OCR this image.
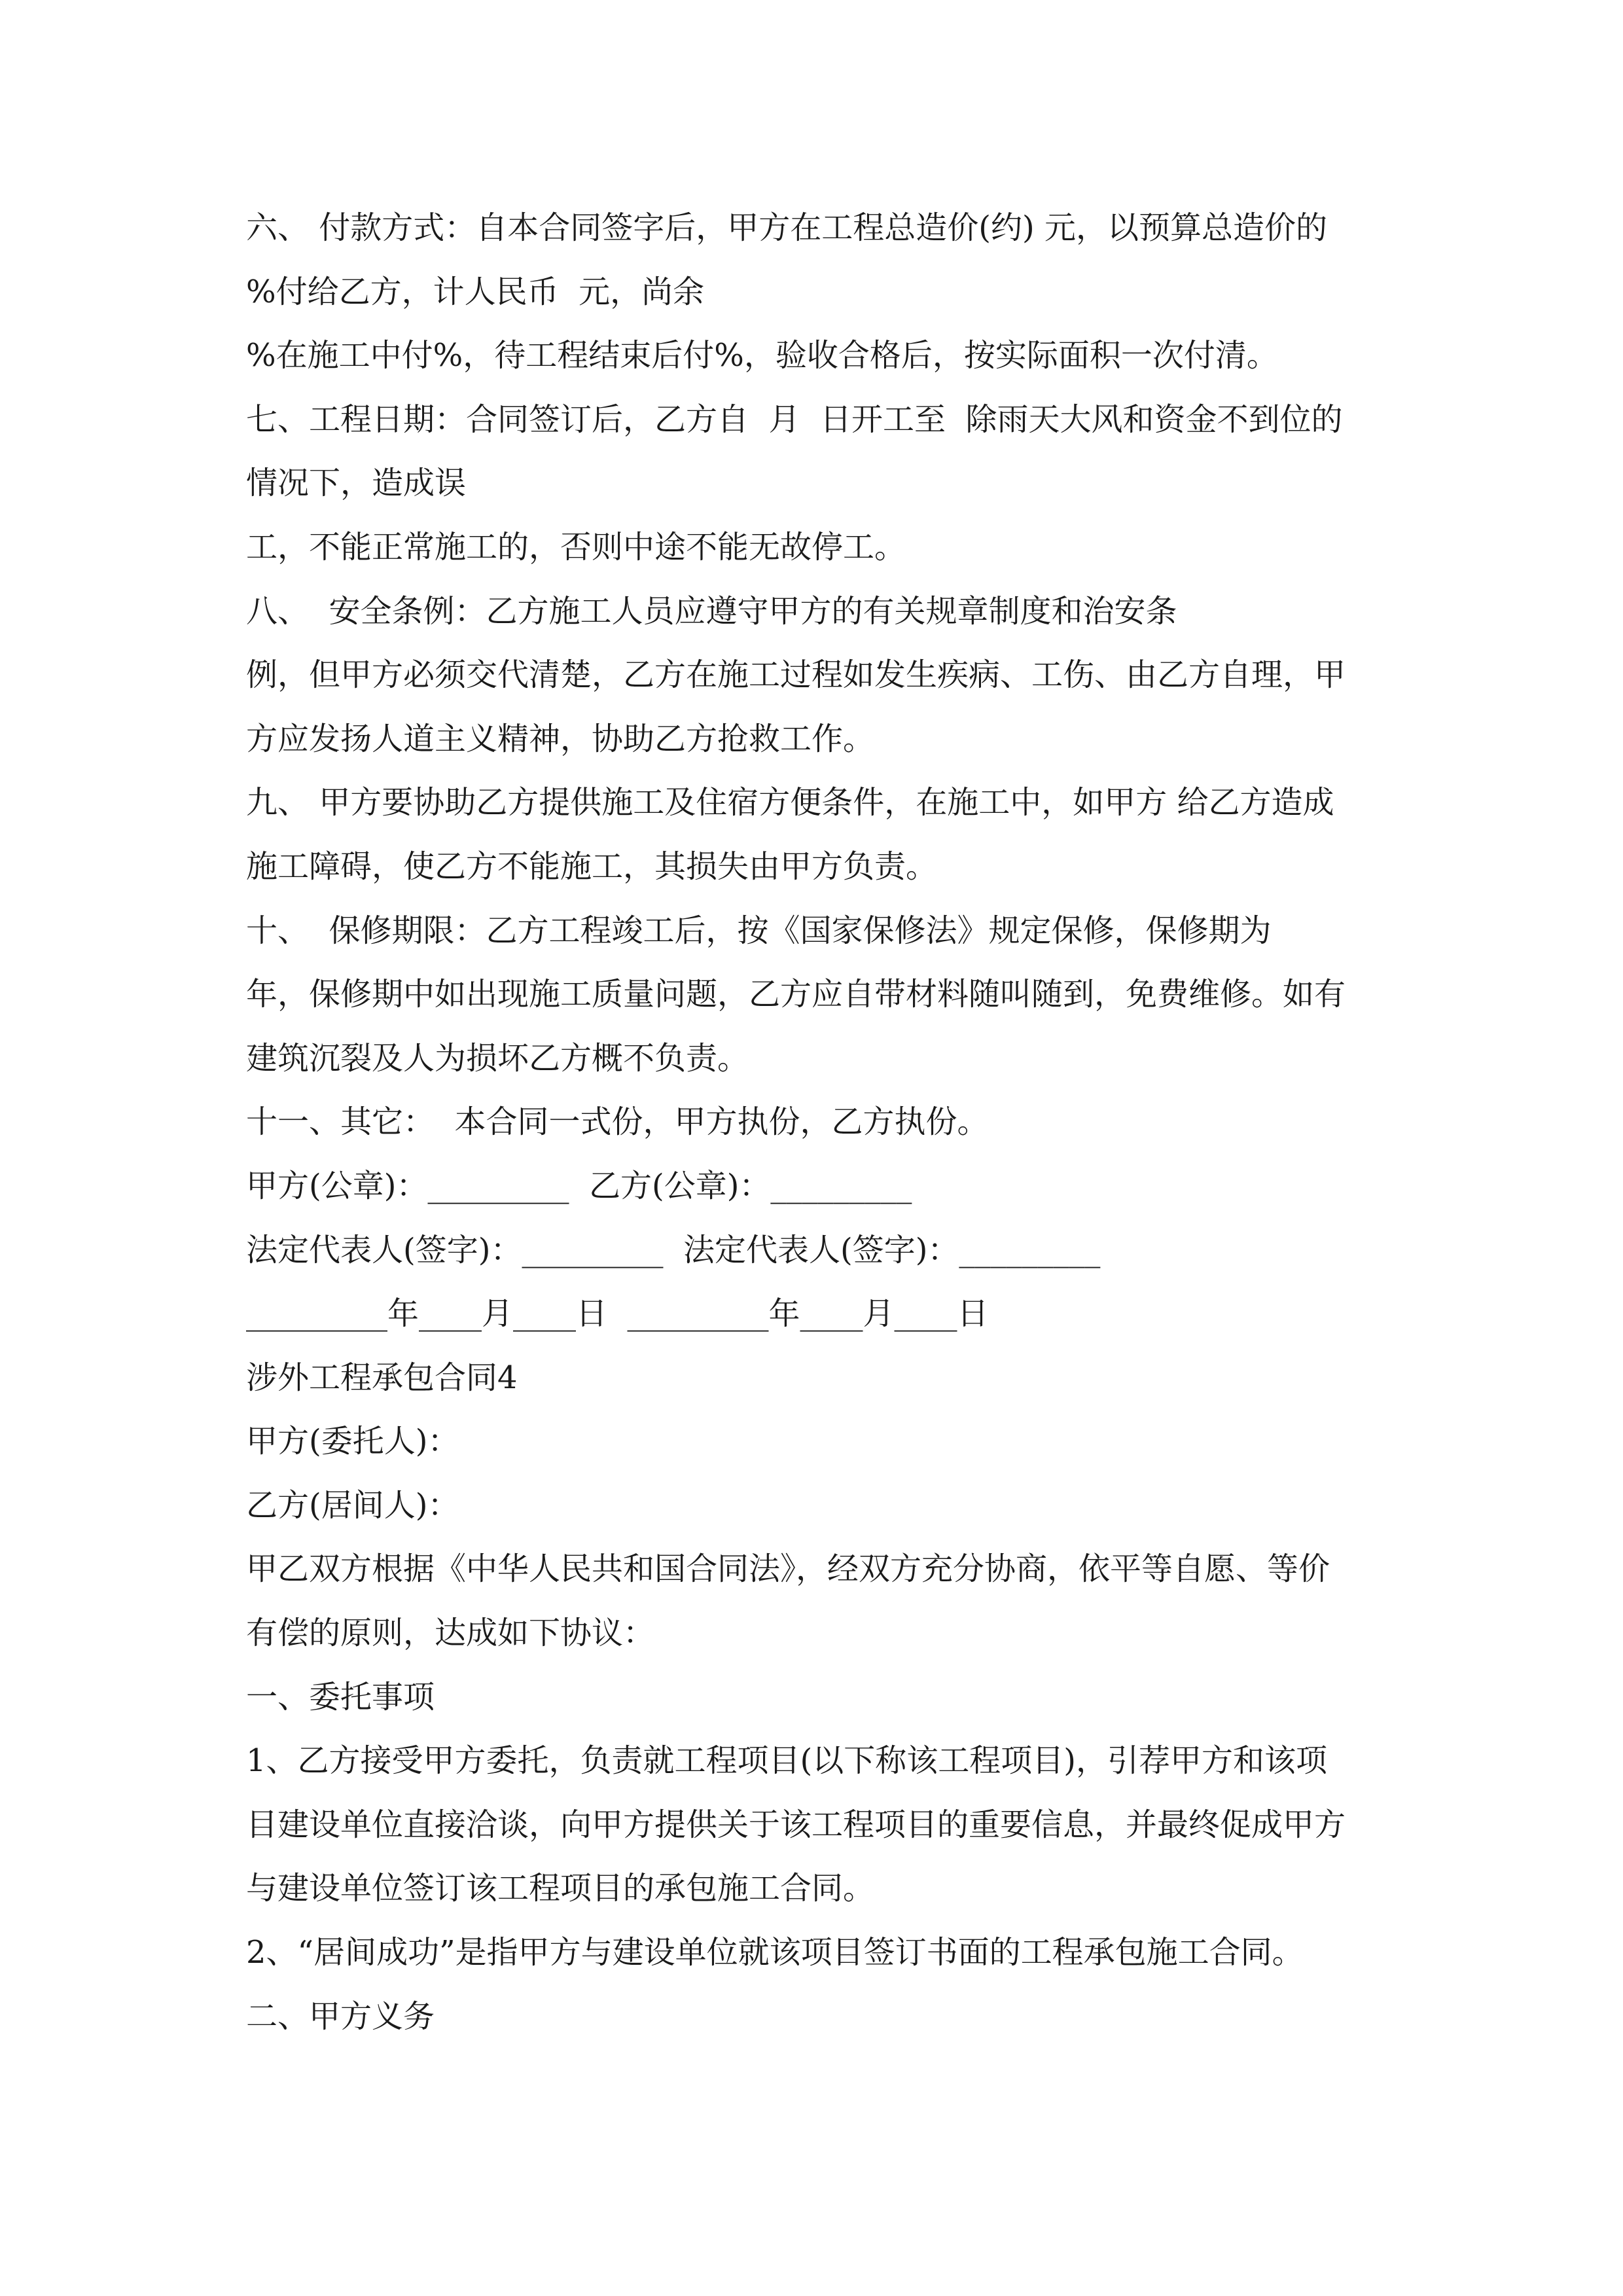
六、 付款方式：自本合同签字后，甲方在工程总造价(约) 元，以预算总造价的
%付给乙方，计人民币  元，尚余
%在施工中付%，待工程结束后付%，验收合格后，按实际面积一次付清。
七、工程日期：合同签订后，乙方自  月  日开工至  除雨天大风和资金不到位的
情况下，造成误
工，不能正常施工的，否则中途不能无故停工。
八、  安全条例：乙方施工人员应遵守甲方的有关规章制度和治安条
例，但甲方必须交代清楚，乙方在施工过程如发生疾病、工伤、由乙方自理，甲
方应发扬人道主义精神，协助乙方抢救工作。
九、 甲方要协助乙方提供施工及住宿方便条件，在施工中，如甲方 给乙方造成
施工障碍，使乙方不能施工，其损失由甲方负责。
十、  保修期限：乙方工程竣工后，按《国家保修法》规定保修，保修期为
年，保修期中如出现施工质量问题，乙方应自带材料随叫随到，免费维修。如有
建筑沉裂及人为损坏乙方概不负责。
十一、其它：  本合同一式份，甲方执份，乙方执份。
甲方(公章)：_________  乙方(公章)：_________
法定代表人(签字)：_________  法定代表人(签字)：_________
_________年____月____日  _________年____月____日
涉外工程承包合同4
甲方(委托人)：
乙方(居间人)：
甲乙双方根据《中华人民共和国合同法》，经双方充分协商，依平等自愿、等价
有偿的原则，达成如下协议：
一、委托事项
1、乙方接受甲方委托，负责就工程项目(以下称该工程项目)，引荐甲方和该项
目建设单位直接洽谈，向甲方提供关于该工程项目的重要信息，并最终促成甲方
与建设单位签订该工程项目的承包施工合同。
2、“居间成功”是指甲方与建设单位就该项目签订书面的工程承包施工合同。
二、甲方义务
